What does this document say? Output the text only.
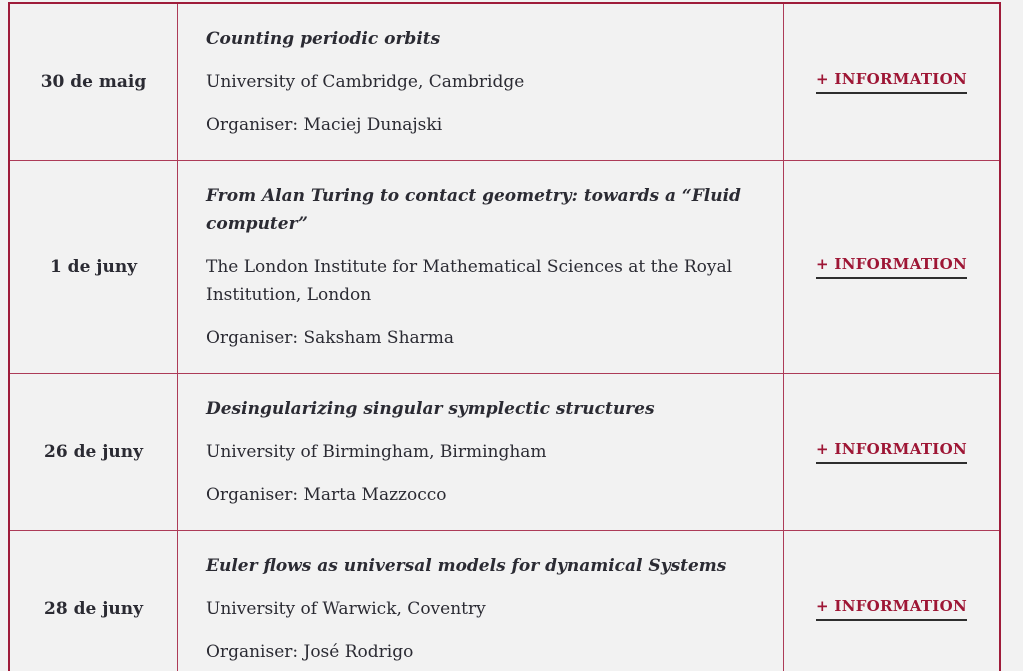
30 de maig

Counting periodic orbits

University of Cambridge, Cambridge

Organiser: Maciej Dunajski

+ INFORMATION
1 de juny

From Alan Turing to contact geometry: towards a “Fluid computer”

The London Institute for Mathematical Sciences at the Royal Institution, London

Organiser: Saksham Sharma

+ INFORMATION
26 de juny

Desingularizing singular symplectic structures

University of Birmingham, Birmingham

Organiser: Marta Mazzocco

+ INFORMATION
28 de juny

Euler flows as universal models for dynamical Systems

University of Warwick, Coventry

Organiser: José Rodrigo

+ INFORMATION
